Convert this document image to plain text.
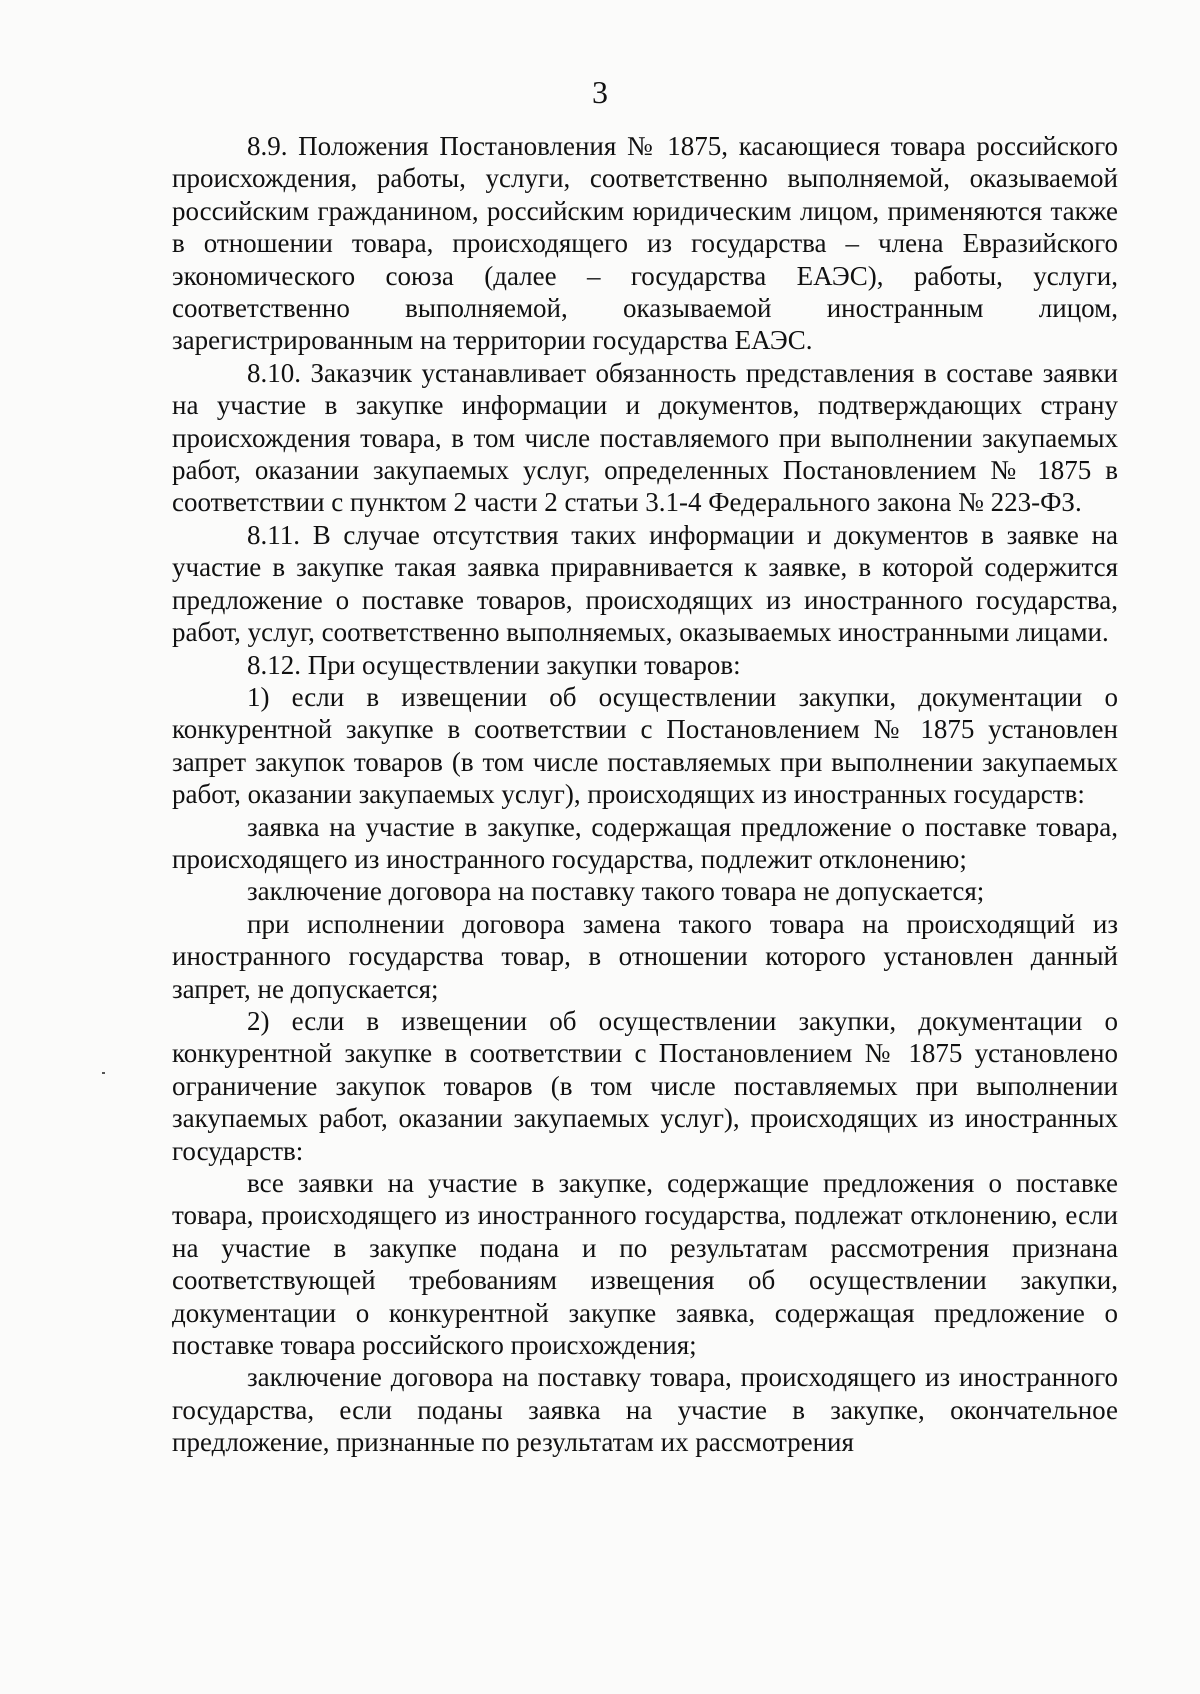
3

8.9. Положения Постановления № 1875, касающиеся товара российского происхождения, работы, услуги, соответственно выполняемой, оказываемой российским гражданином, российским юридическим лицом, применяются также в отношении товара, происходящего из государства – члена Евразийского экономического союза (далее – государства ЕАЭС), работы, услуги, соответственно выполняемой, оказываемой иностранным лицом, зарегистрированным на территории государства ЕАЭС.

8.10. Заказчик устанавливает обязанность представления в составе заявки на участие в закупке информации и документов, подтверждающих страну происхождения товара, в том числе поставляемого при выполнении закупаемых работ, оказании закупаемых услуг, определенных Постановлением № 1875 в соответствии с пунктом 2 части 2 статьи 3.1-4 Федерального закона № 223-ФЗ.

8.11. В случае отсутствия таких информации и документов в заявке на участие в закупке такая заявка приравнивается к заявке, в которой содержится предложение о поставке товаров, происходящих из иностранного государства, работ, услуг, соответственно выполняемых, оказываемых иностранными лицами.

8.12. При осуществлении закупки товаров:

1) если в извещении об осуществлении закупки, документации о конкурентной закупке в соответствии с Постановлением № 1875 установлен запрет закупок товаров (в том числе поставляемых при выполнении закупаемых работ, оказании закупаемых услуг), происходящих из иностранных государств:

заявка на участие в закупке, содержащая предложение о поставке товара, происходящего из иностранного государства, подлежит отклонению;

заключение договора на поставку такого товара не допускается;

при исполнении договора замена такого товара на происходящий из иностранного государства товар, в отношении которого установлен данный запрет, не допускается;

2) если в извещении об осуществлении закупки, документации о конкурентной закупке в соответствии с Постановлением № 1875 установлено ограничение закупок товаров (в том числе поставляемых при выполнении закупаемых работ, оказании закупаемых услуг), происходящих из иностранных государств:

все заявки на участие в закупке, содержащие предложения о поставке товара, происходящего из иностранного государства, подлежат отклонению, если на участие в закупке подана и по результатам рассмотрения признана соответствующей требованиям извещения об осуществлении закупки, документации о конкурентной закупке заявка, содержащая предложение о поставке товара российского происхождения;

заключение договора на поставку товара, происходящего из иностранного государства, если поданы заявка на участие в закупке, окончательное предложение, признанные по результатам их рассмотрения
